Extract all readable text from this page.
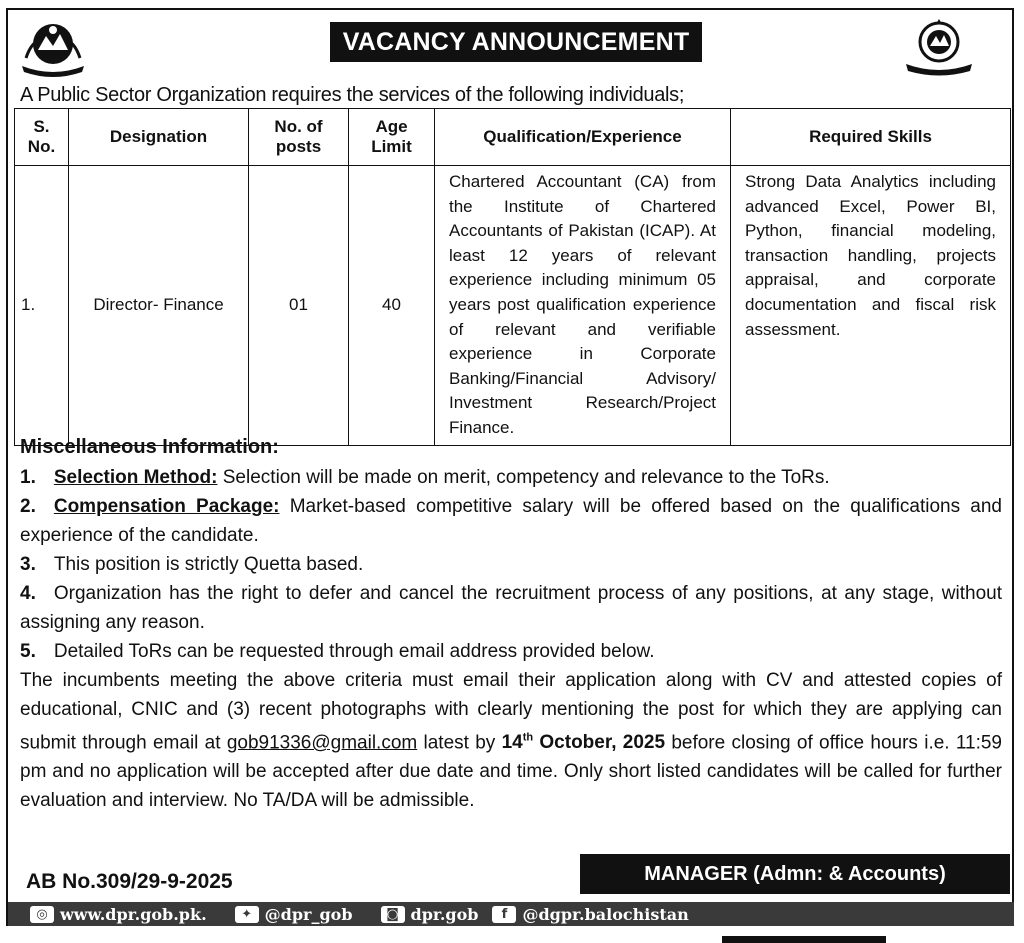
VACANCY ANNOUNCEMENT
A Public Sector Organization requires the services of the following individuals;
S. No.	Designation	No. of posts	Age Limit	Qualification/Experience	Required Skills
1.	Director- Finance	01	40	Chartered Accountant (CA) from the Institute of Chartered Accountants of Pakistan (ICAP). At least 12 years of relevant experience including minimum 05 years post qualification experience of relevant and verifiable experience in Corporate Banking/Financial Advisory/ Investment Research/Project Finance.	Strong Data Analytics including advanced Excel, Power BI, Python, financial modeling, transaction handling, projects appraisal, and corporate documentation and fiscal risk assessment.
Miscellaneous Information:
1. Selection Method: Selection will be made on merit, competency and relevance to the ToRs.
2. Compensation Package: Market-based competitive salary will be offered based on the qualifications and experience of the candidate.
3. This position is strictly Quetta based.
4. Organization has the right to defer and cancel the recruitment process of any positions, at any stage, without assigning any reason.
5. Detailed ToRs can be requested through email address provided below.
The incumbents meeting the above criteria must email their application along with CV and attested copies of educational, CNIC and (3) recent photographs with clearly mentioning the post for which they are applying can submit through email at gob91336@gmail.com latest by 14th October, 2025 before closing of office hours i.e. 11:59 pm and no application will be accepted after due date and time. Only short listed candidates will be called for further evaluation and interview. No TA/DA will be admissible.
AB No.309/29-9-2025	MANAGER (Admn: & Accounts)
◎ www.dpr.gob.pk.	✦ @dpr_gob	◙ dpr.gob	f @dgpr.balochistan
